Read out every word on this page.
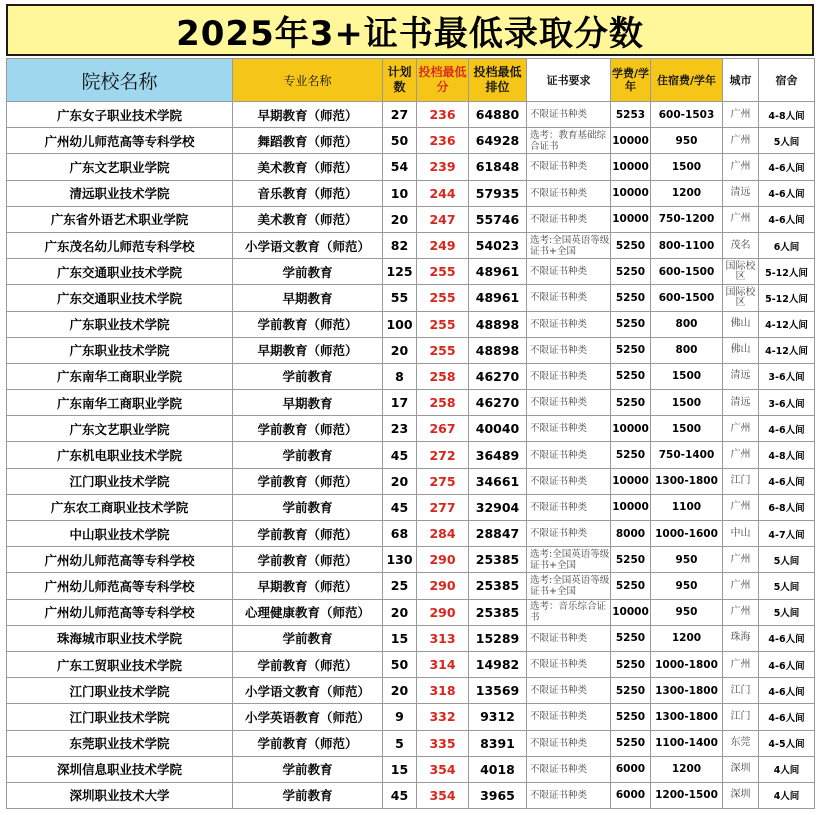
2025年3+证书最低录取分数
院校名称	专业名称	计划数	投档最低分	投档最低排位	证书要求	学费/学年	住宿费/学年	城市	宿舍
广东女子职业技术学院	早期教育（师范）	27	236	64880	不限证书种类	5253	600-1503	广州	4-8人间
广州幼儿师范高等专科学校	舞蹈教育（师范）	50	236	64928	选考：教育基础综合证书	10000	950	广州	5人间
广东文艺职业学院	美术教育（师范）	54	239	61848	不限证书种类	10000	1500	广州	4-6人间
清远职业技术学院	音乐教育（师范）	10	244	57935	不限证书种类	10000	1200	清远	4-6人间
广东省外语艺术职业学院	美术教育（师范）	20	247	55746	不限证书种类	10000	750-1200	广州	4-6人间
广东茂名幼儿师范专科学校	小学语文教育（师范）	82	249	54023	选考:全国英语等级证书+全国	5250	800-1100	茂名	6人间
广东交通职业技术学院	学前教育	125	255	48961	不限证书种类	5250	600-1500	国际校区	5-12人间
广东交通职业技术学院	早期教育	55	255	48961	不限证书种类	5250	600-1500	国际校区	5-12人间
广东职业技术学院	学前教育（师范）	100	255	48898	不限证书种类	5250	800	佛山	4-12人间
广东职业技术学院	早期教育（师范）	20	255	48898	不限证书种类	5250	800	佛山	4-12人间
广东南华工商职业学院	学前教育	8	258	46270	不限证书种类	5250	1500	清远	3-6人间
广东南华工商职业学院	早期教育	17	258	46270	不限证书种类	5250	1500	清远	3-6人间
广东文艺职业学院	学前教育（师范）	23	267	40040	不限证书种类	10000	1500	广州	4-6人间
广东机电职业技术学院	学前教育	45	272	36489	不限证书种类	5250	750-1400	广州	4-8人间
江门职业技术学院	学前教育（师范）	20	275	34661	不限证书种类	10000	1300-1800	江门	4-6人间
广东农工商职业技术学院	学前教育	45	277	32904	不限证书种类	10000	1100	广州	6-8人间
中山职业技术学院	学前教育（师范）	68	284	28847	不限证书种类	8000	1000-1600	中山	4-7人间
广州幼儿师范高等专科学校	学前教育（师范）	130	290	25385	选考:全国英语等级证书+全国	5250	950	广州	5人间
广州幼儿师范高等专科学校	早期教育（师范）	25	290	25385	选考:全国英语等级证书+全国	5250	950	广州	5人间
广州幼儿师范高等专科学校	心理健康教育（师范）	20	290	25385	选考：音乐综合证书	10000	950	广州	5人间
珠海城市职业技术学院	学前教育	15	313	15289	不限证书种类	5250	1200	珠海	4-6人间
广东工贸职业技术学院	学前教育（师范）	50	314	14982	不限证书种类	5250	1000-1800	广州	4-6人间
江门职业技术学院	小学语文教育（师范）	20	318	13569	不限证书种类	5250	1300-1800	江门	4-6人间
江门职业技术学院	小学英语教育（师范）	9	332	9312	不限证书种类	5250	1300-1800	江门	4-6人间
东莞职业技术学院	学前教育（师范）	5	335	8391	不限证书种类	5250	1100-1400	东莞	4-5人间
深圳信息职业技术学院	学前教育	15	354	4018	不限证书种类	6000	1200	深圳	4人间
深圳职业技术大学	学前教育	45	354	3965	不限证书种类	6000	1200-1500	深圳	4人间
